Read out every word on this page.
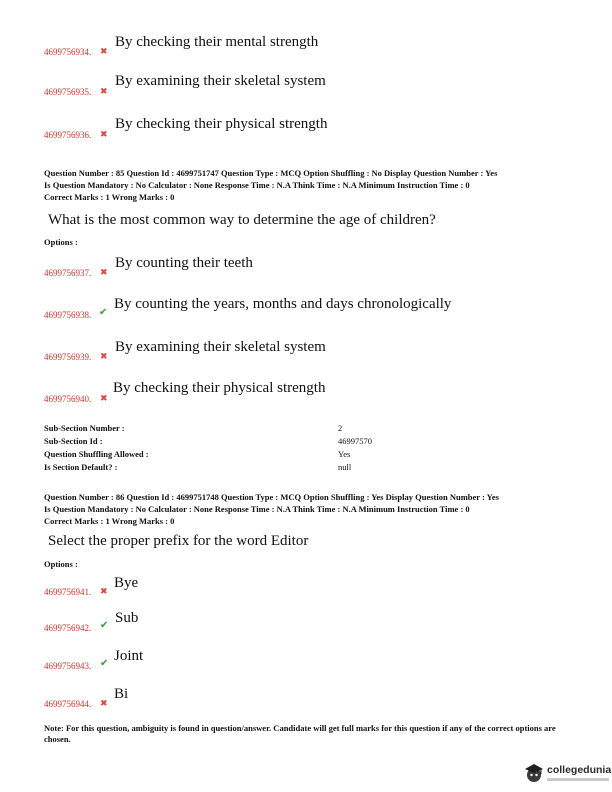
4699756934. ✖
By checking their mental strength
4699756935. ✖
By examining their skeletal system
4699756936. ✖
By checking their physical strength
Question Number : 85 Question Id : 4699751747 Question Type : MCQ Option Shuffling : No Display Question Number : Yes
Is Question Mandatory : No Calculator : None Response Time : N.A Think Time : N.A Minimum Instruction Time : 0
Correct Marks : 1 Wrong Marks : 0
What is the most common way to determine the age of children?
Options :
4699756937. ✖
By counting their teeth
4699756938. ✔
By counting the years, months and days chronologically
4699756939. ✖
By examining their skeletal system
4699756940. ✖
By checking their physical strength
Sub-Section Number :	2
Sub-Section Id :	46997570
Question Shuffling Allowed :	Yes
Is Section Default? :	null
Question Number : 86 Question Id : 4699751748 Question Type : MCQ Option Shuffling : Yes Display Question Number : Yes
Is Question Mandatory : No Calculator : None Response Time : N.A Think Time : N.A Minimum Instruction Time : 0
Correct Marks : 1 Wrong Marks : 0
Select the proper prefix for the word Editor
Options :
4699756941. ✖ Bye
4699756942. ✔ Sub
4699756943. ✔ Joint
4699756944. ✖
Bi
Note: For this question, ambiguity is found in question/answer. Candidate will get full marks for this question if any of the correct options are chosen.
collegedunia
